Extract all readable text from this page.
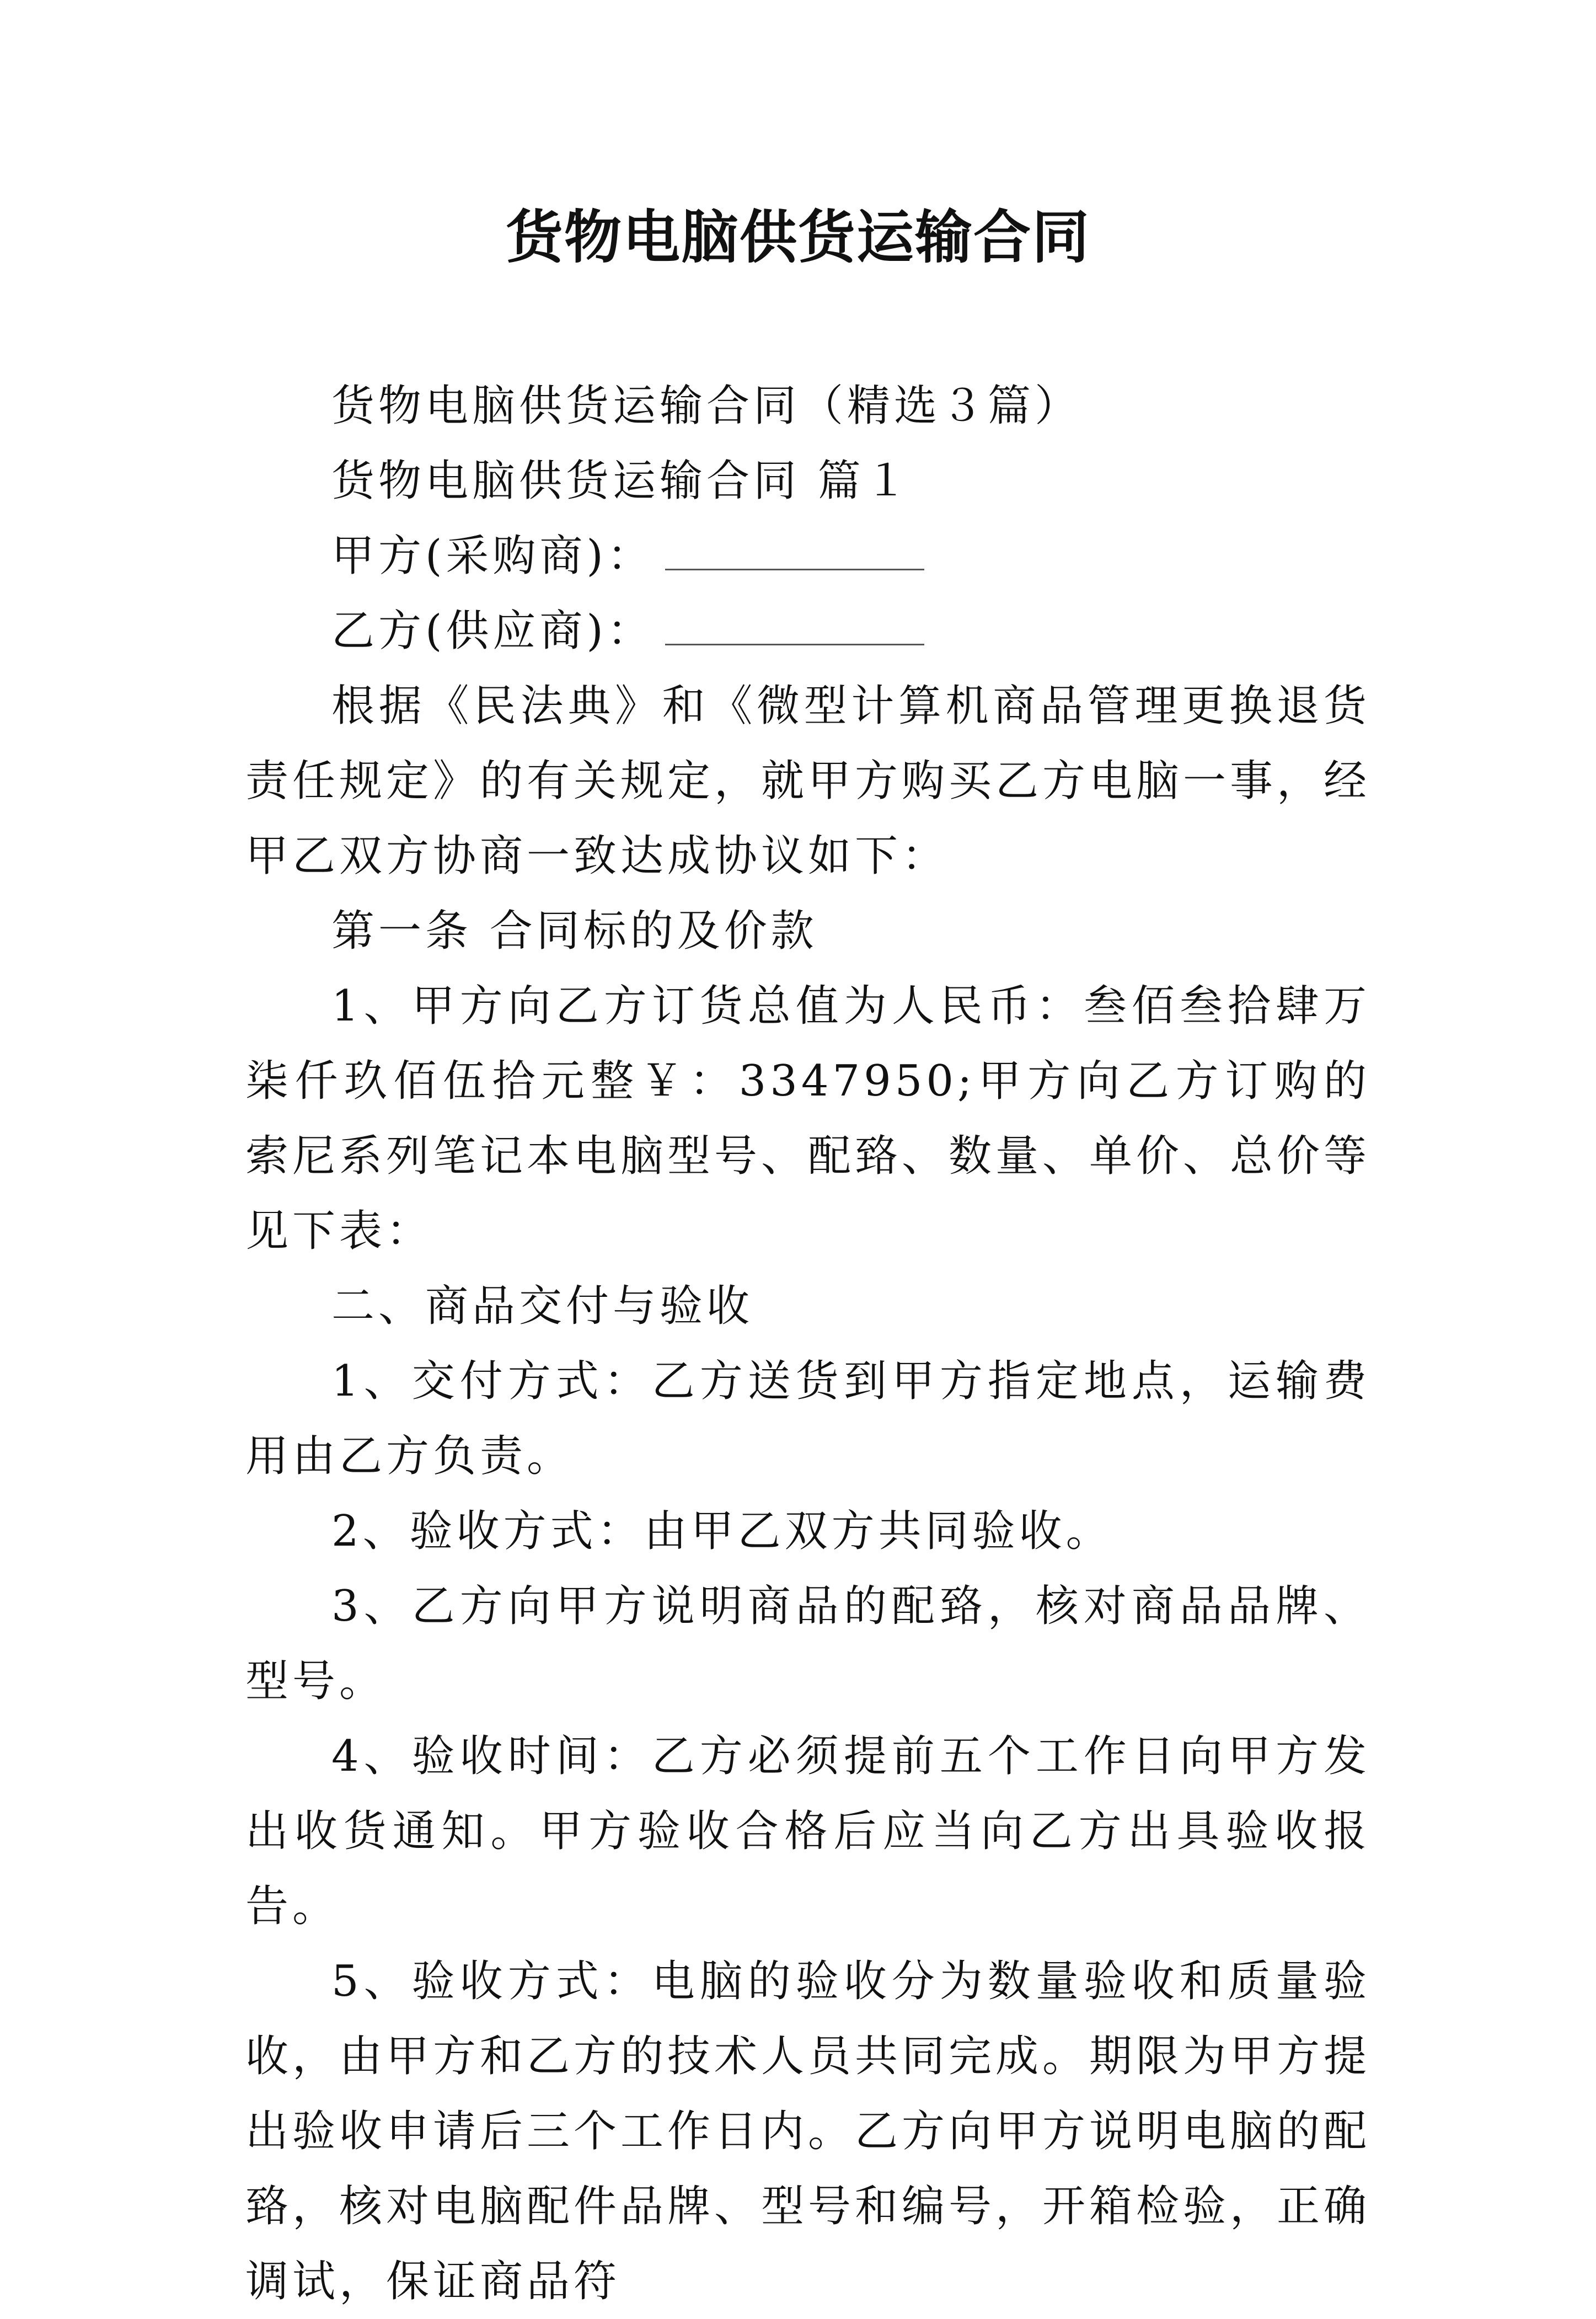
货物电脑供货运输合同

货物电脑供货运输合同（精选３篇）

货物电脑供货运输合同 篇１

甲方(采购商)：

乙方(供应商)：

根据《民法典》和《微型计算机商品管理更换退货责任规定》的有关规定，就甲方购买乙方电脑一事，经甲乙双方协商一致达成协议如下：

第一条 合同标的及价款

1、甲方向乙方订货总值为人民币：叁佰叁拾肆万柒仟玖佰伍拾元整￥：3347950;甲方向乙方订购的索尼系列笔记本电脑型号、配臵、数量、单价、总价等见下表：

二、商品交付与验收

1、交付方式：乙方送货到甲方指定地点，运输费用由乙方负责。

2、验收方式：由甲乙双方共同验收。

3、乙方向甲方说明商品的配臵，核对商品品牌、型号。

4、验收时间：乙方必须提前五个工作日向甲方发出收货通知。甲方验收合格后应当向乙方出具验收报告。

5、验收方式：电脑的验收分为数量验收和质量验收，由甲方和乙方的技术人员共同完成。期限为甲方提出验收申请后三个工作日内。乙方向甲方说明电脑的配臵，核对电脑配件品牌、型号和编号，开箱检验，正确调试，保证商品符
